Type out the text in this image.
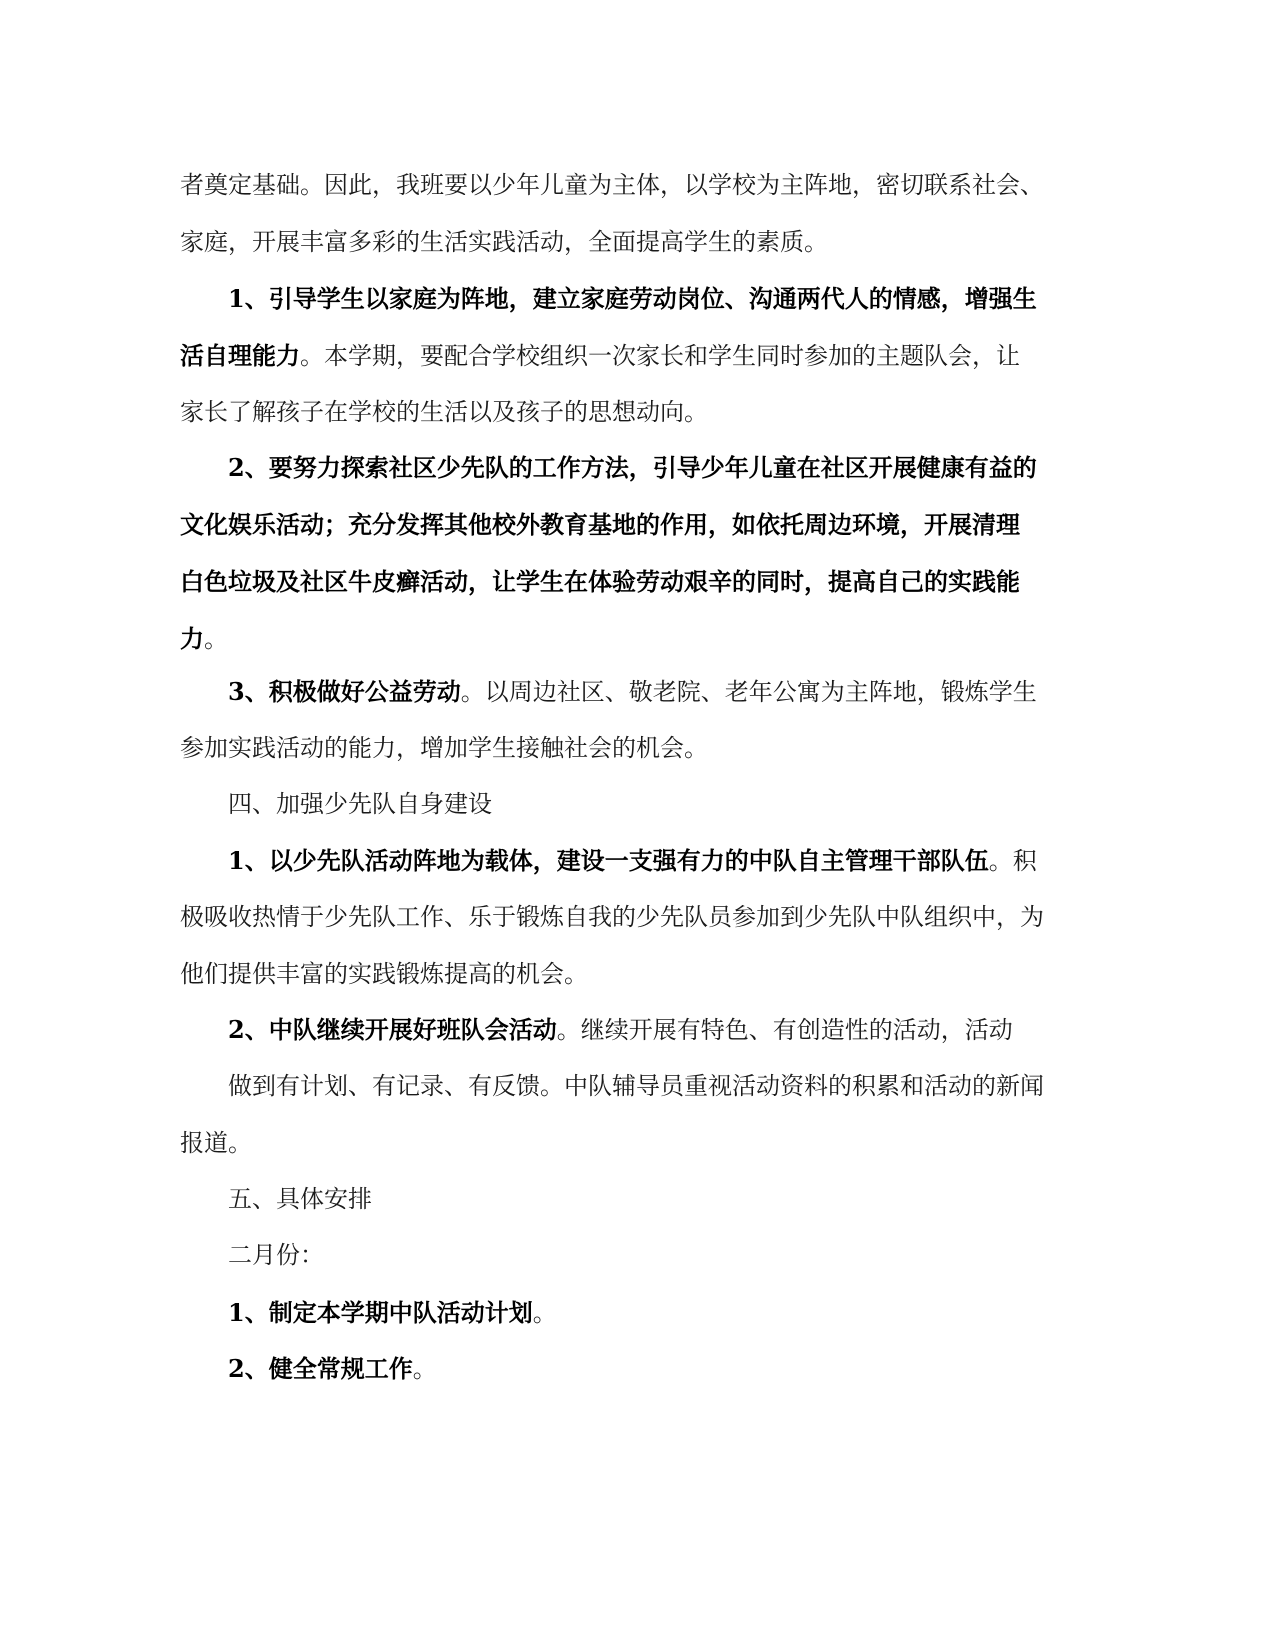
者奠定基础。因此，我班要以少年儿童为主体，以学校为主阵地，密切联系社会、
家庭，开展丰富多彩的生活实践活动，全面提高学生的素质。
1、引导学生以家庭为阵地，建立家庭劳动岗位、沟通两代人的情感，增强生
活自理能力。本学期，要配合学校组织一次家长和学生同时参加的主题队会，让
家长了解孩子在学校的生活以及孩子的思想动向。
2、要努力探索社区少先队的工作方法，引导少年儿童在社区开展健康有益的
文化娱乐活动；充分发挥其他校外教育基地的作用，如依托周边环境，开展清理
白色垃圾及社区牛皮癣活动，让学生在体验劳动艰辛的同时，提高自己的实践能
力。
3、积极做好公益劳动。以周边社区、敬老院、老年公寓为主阵地，锻炼学生
参加实践活动的能力，增加学生接触社会的机会。
四、加强少先队自身建设
1、以少先队活动阵地为载体，建设一支强有力的中队自主管理干部队伍。积
极吸收热情于少先队工作、乐于锻炼自我的少先队员参加到少先队中队组织中，为
他们提供丰富的实践锻炼提高的机会。
2、中队继续开展好班队会活动。继续开展有特色、有创造性的活动，活动
做到有计划、有记录、有反馈。中队辅导员重视活动资料的积累和活动的新闻
报道。
五、具体安排
二月份：
1、制定本学期中队活动计划。
2、健全常规工作。
